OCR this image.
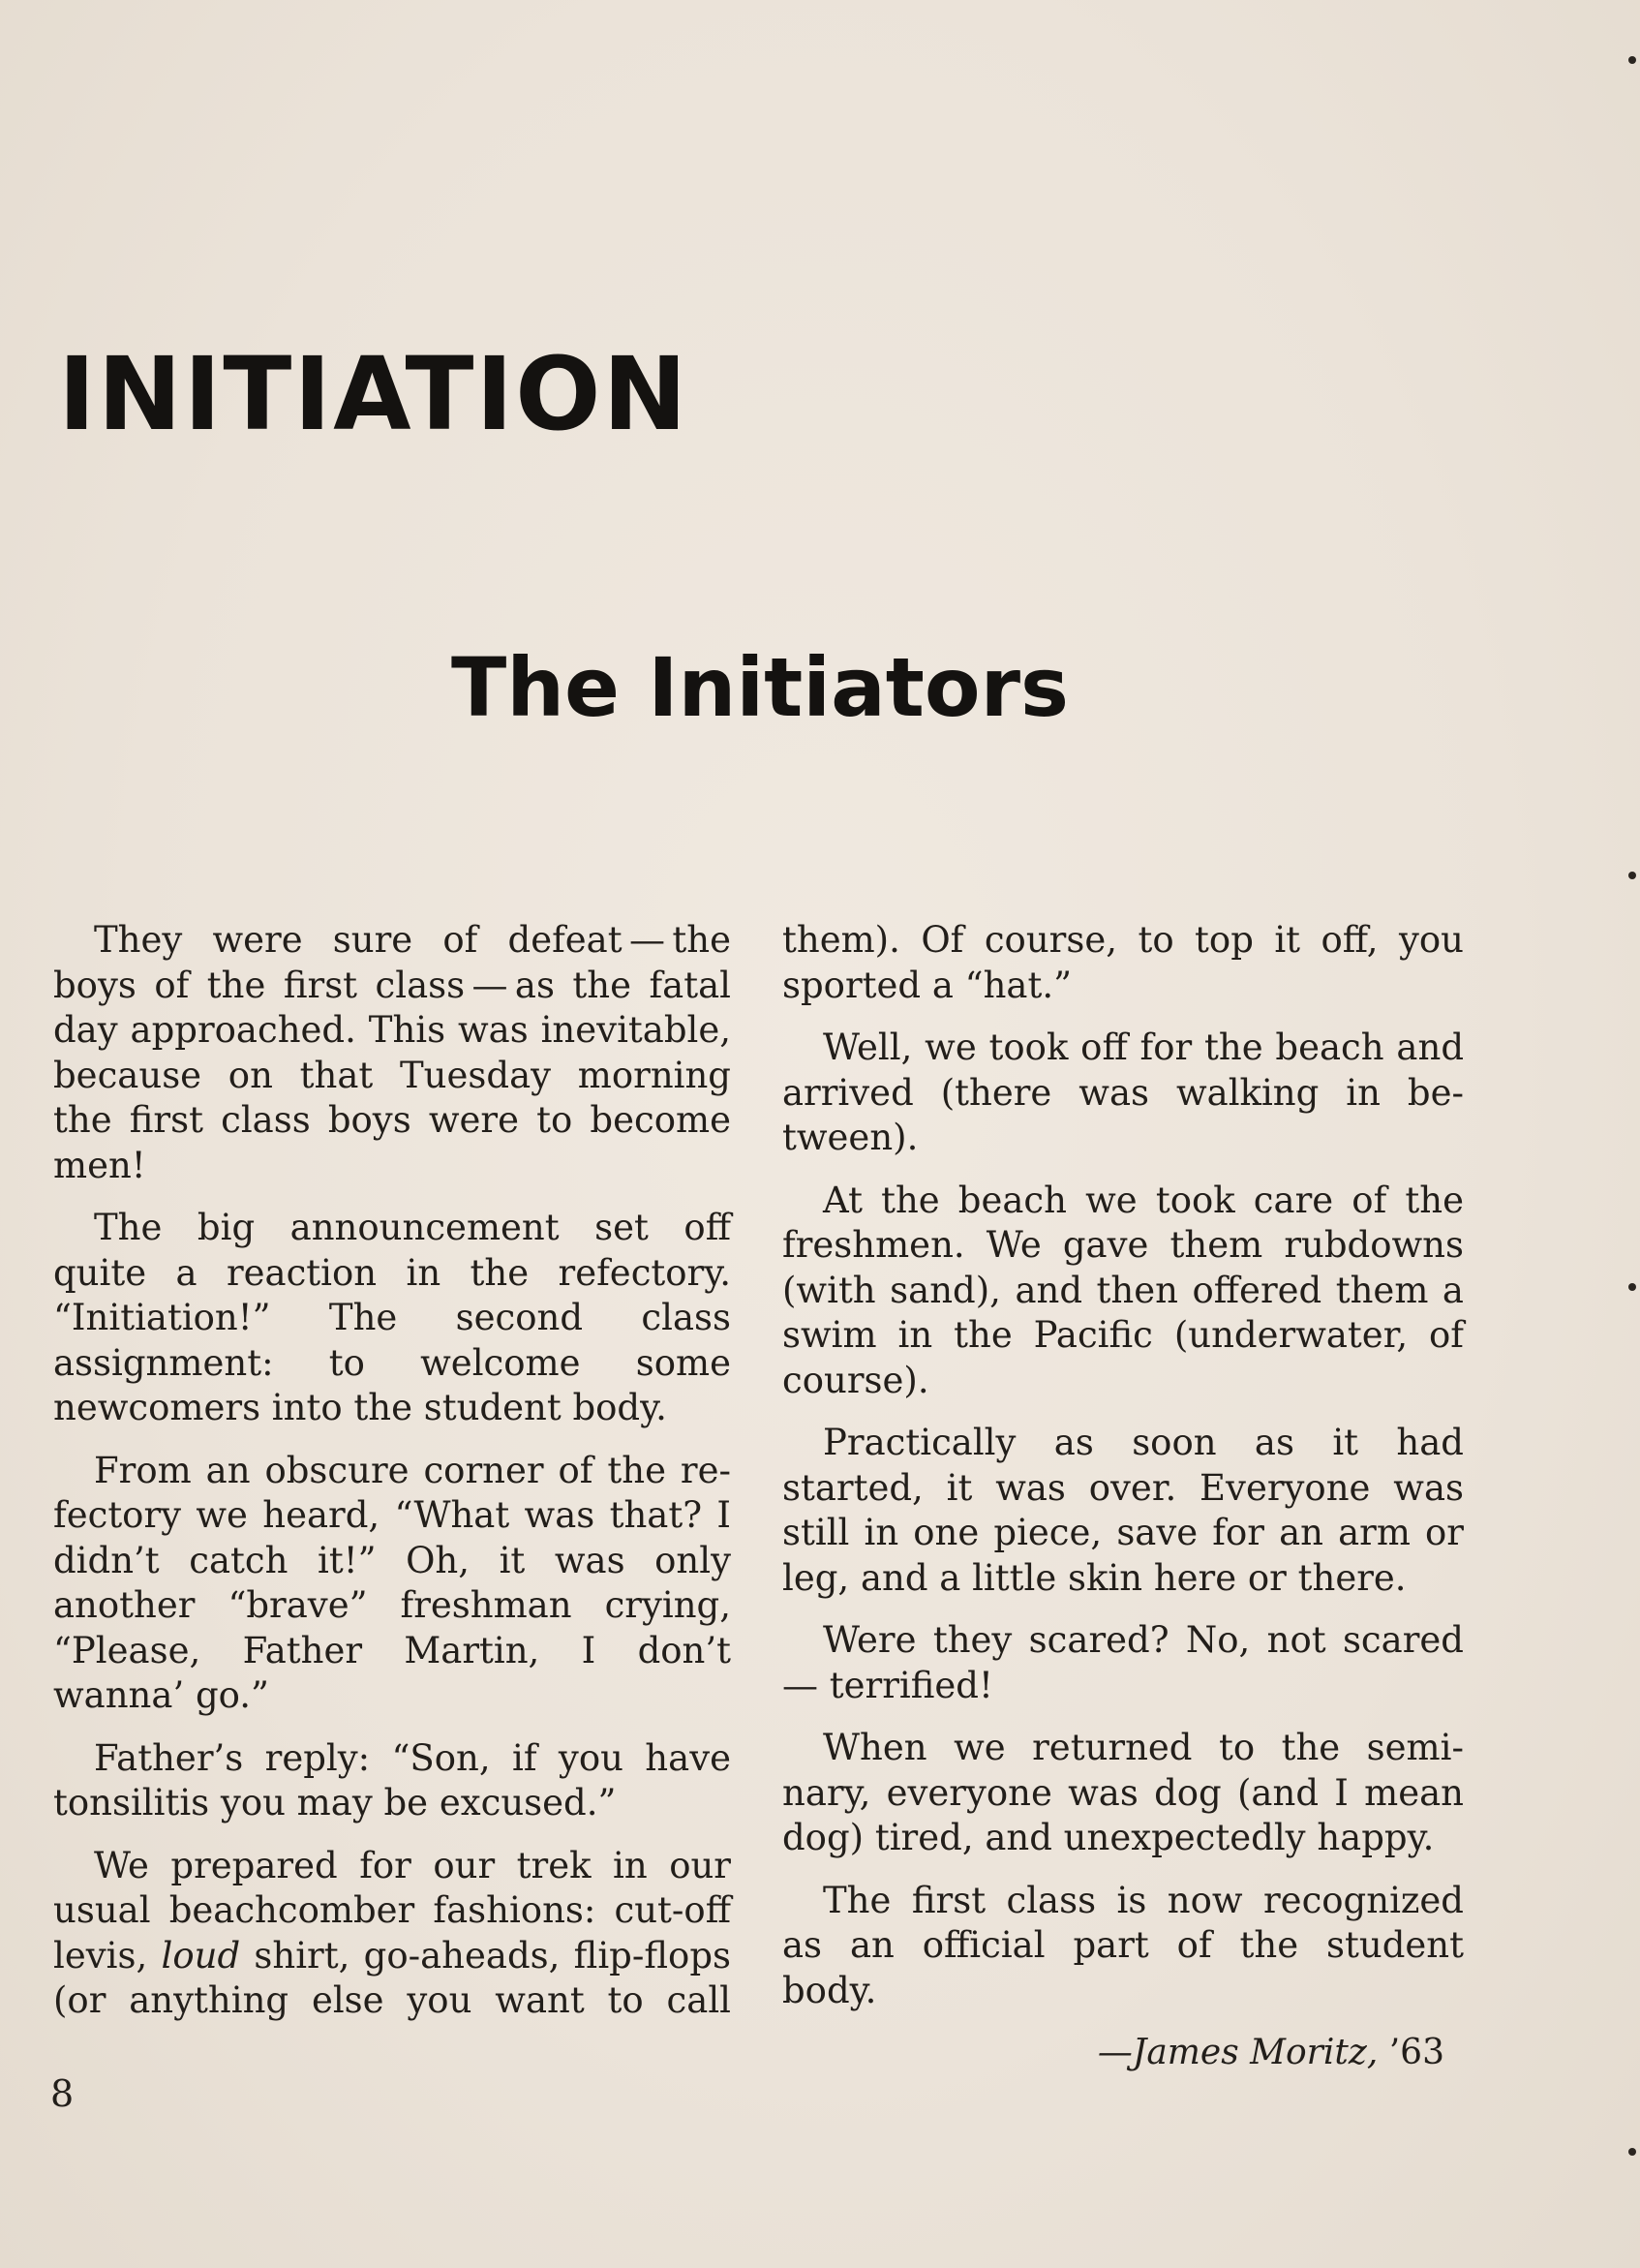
INITIATION
The Initiators

They were sure of defeat — the boys of the first class — as the fatal day approached. This was inevitable, because on that Tuesday morning the first class boys were to become men!

The big announcement set off quite a reaction in the refectory. “Initiation!” The second class assignment: to welcome some newcomers into the student body.

From an obscure corner of the refectory we heard, “What was that? I didn’t catch it!” Oh, it was only another “brave” freshman crying, “Please, Father Martin, I don’t wanna’ go.”

Father’s reply: “Son, if you have tonsilitis you may be excused.”

We prepared for our trek in our usual beachcomber fashions: cut-off levis, loud shirt, go-aheads, flip-flops (or anything else you want to call

them). Of course, to top it off, you sported a “hat.”

Well, we took off for the beach and arrived (there was walking in between).

At the beach we took care of the freshmen. We gave them rubdowns (with sand), and then offered them a swim in the Pacific (underwater, of course).

Practically as soon as it had started, it was over. Everyone was still in one piece, save for an arm or leg, and a little skin here or there.

Were they scared? No, not scared — terrified!

When we returned to the seminary, everyone was dog (and I mean dog) tired, and unexpectedly happy.

The first class is now recognized as an official part of the student body.

—James Moritz, ’63
8
